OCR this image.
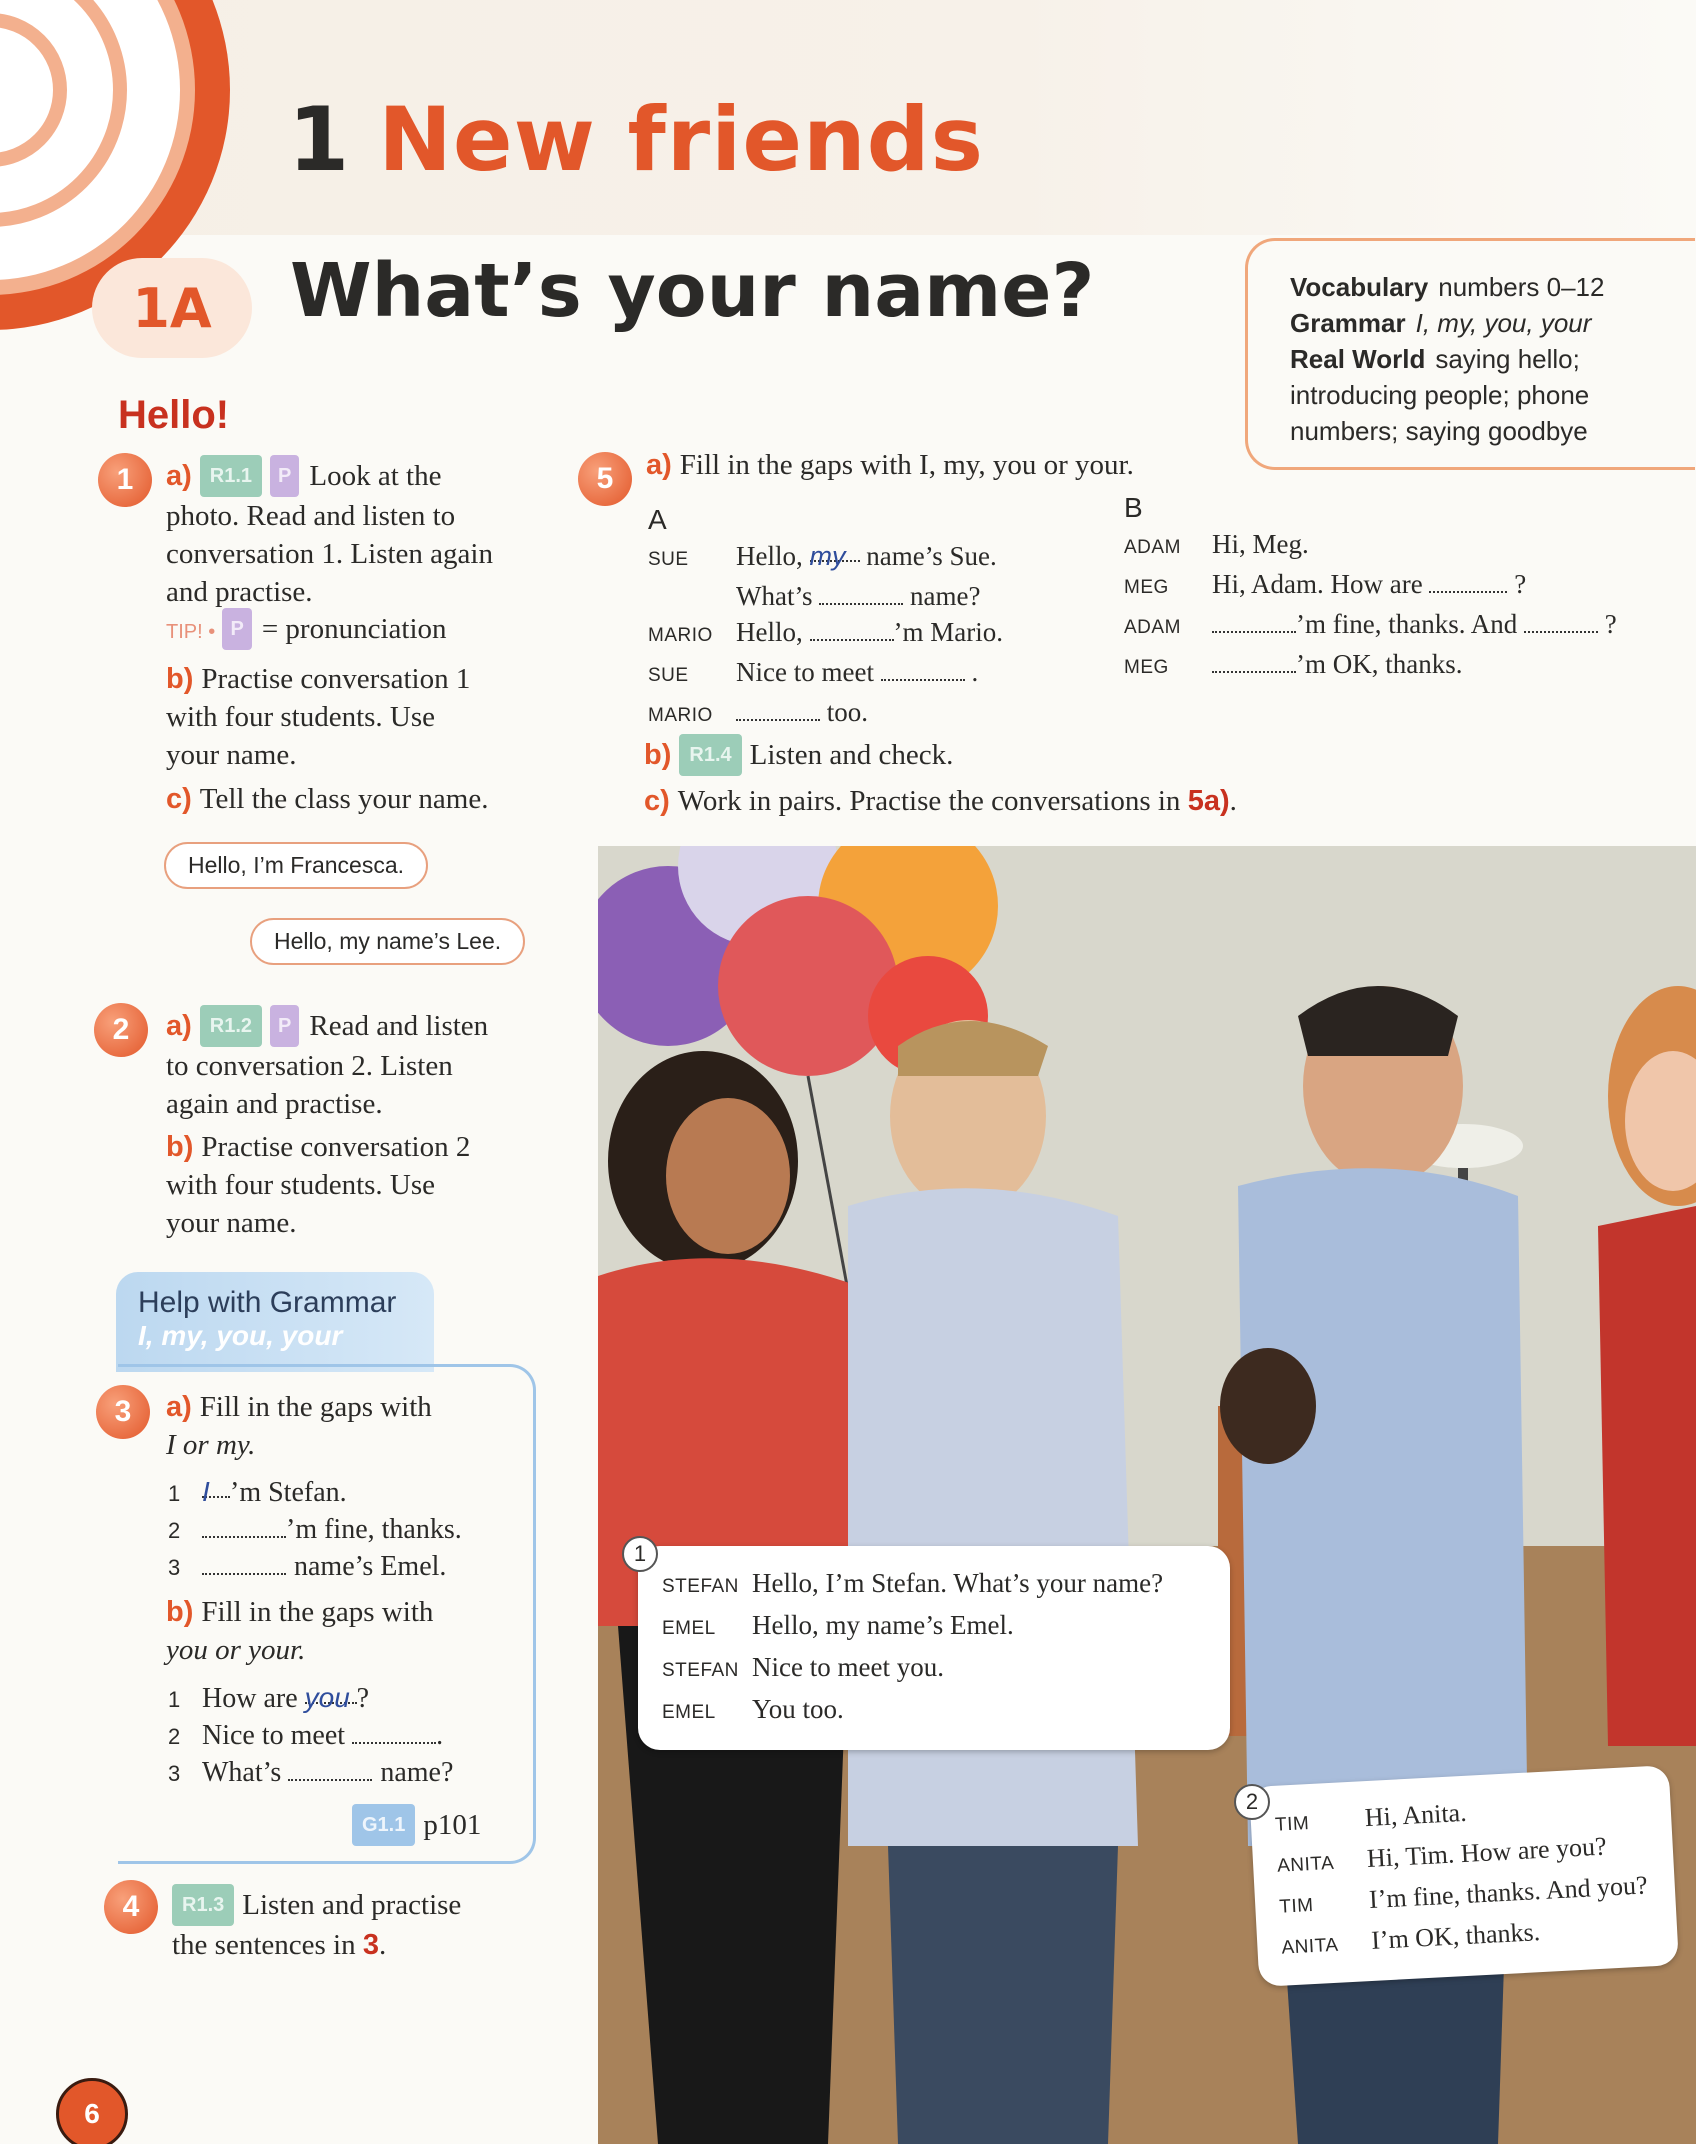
1 New friends
1A	What’s your name?	Vocabulary numbers 0–12
Grammar I, my, you, your
Real World saying hello;
introducing people; phone
numbers; saying goodbye
Hello!
1	a) R1.1 P Look at the
photo. Read and listen to
conversation 1. Listen again
and practise.
TIP! • P = pronunciation
b) Practise conversation 1
with four students. Use
your name.
c) Tell the class your name.
Hello, I’m Francesca.
Hello, my name’s Lee.
2	a) R1.2 P Read and listen
to conversation 2. Listen
again and practise.
b) Practise conversation 2
with four students. Use
your name.
Help with Grammar
I, my, you, your
3	a) Fill in the gaps with
I or my.
1 I ’m Stefan.
2	’m fine, thanks.
3	name’s Emel.
b) Fill in the gaps with
you or your.
1 How are you ?
2 Nice to meet	.
3 What’s	name?
G1.1 p101
4	R1.3 Listen and practise
the sentences in 3.
5	a) Fill in the gaps with I, my, you or your.
A	B
SUE Hello, my name’s Sue.
What’s	name?
MARIO Hello,	’m Mario.
SUE Nice to meet	.
MARIO	too.
ADAM Hi, Meg.
MEG Hi, Adam. How are	?
ADAM	’m fine, thanks. And	?
MEG	’m OK, thanks.
b) R1.4 Listen and check.
c) Work in pairs. Practise the conversations in 5a).
STEFAN Hello, I’m Stefan. What’s your name?
EMEL Hello, my name’s Emel.
STEFAN Nice to meet you.
EMEL You too.
1
TIM Hi, Anita.
ANITA Hi, Tim. How are you?
TIM I’m fine, thanks. And you?
ANITA I’m OK, thanks.
2
6
